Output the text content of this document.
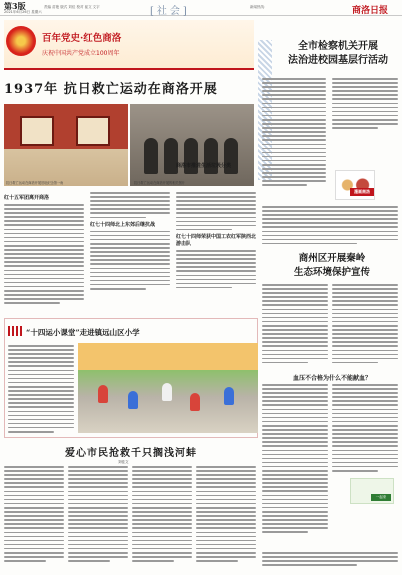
第3版
2021年6月26日 星期六
责编 苗艳 版式 刘佳 校对 崔文 文字	[社会]	新闻热线：	商洛日报
百年党史·红色商洛
庆祝中国共产党成立100周年
1937年 抗日救亡运动在商洛开展
抗日救亡运动在商洛开展旧址纪念馆一角	抗日救亡运动在商洛开展的相关图片
红十五军团离开商洛
红七十四师北上东郊后继抗战
红七十四师荣获中国工农红军陕西北游击队
全市检察机关开展
法治进校园基层行活动
漫画商洛
商洛市推进生活垃圾分类
商州区开展秦岭
生态环境保护宣传
血压不合格为什么不能献血？
一起来
“十四运小课堂”走进镇远山区小学
爱心市民抢救千只搁浅河蚌
刘佳文
